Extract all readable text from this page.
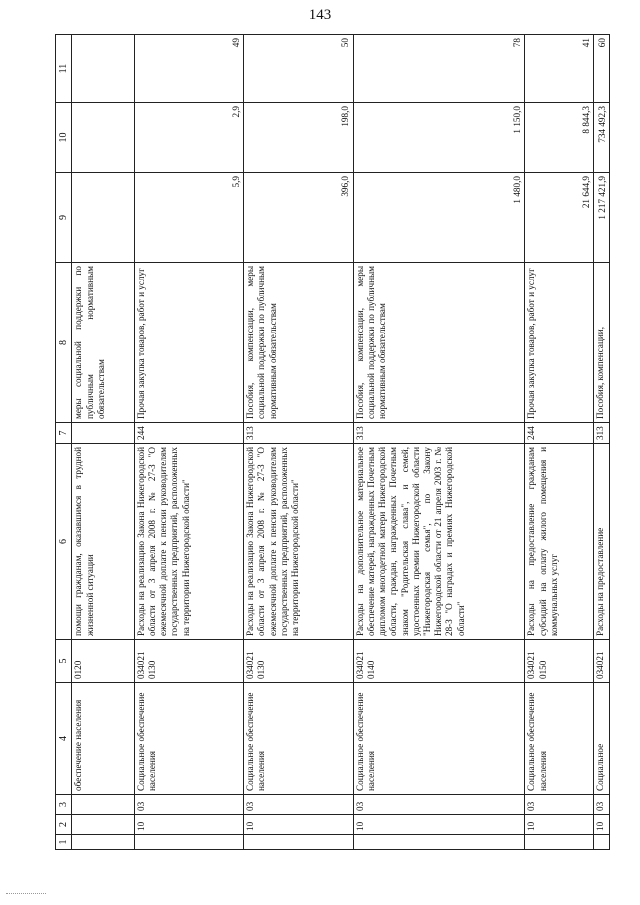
143
1	2	3	4	5	6	7	8	9	10	11
			обеспечение населения	0120	помощи гражданам, оказавшимся в трудной жизненной ситуации		меры социальной поддержки по публичным нормативным обязательствам			
	10	03	Социальное обеспечение населения	034021 0130	Расходы на реализацию Закона Нижегородской области от 3 апреля 2008 г. № 27-З "О ежемесячной доплате к пенсии руководителям государственных предприятий, расположенных на территории Нижегородской области"	244	Прочая закупка товаров, работ и услуг	5,9	2,9	49
	10	03	Социальное обеспечение населения	034021 0130	Расходы на реализацию Закона Нижегородской области от 3 апреля 2008 г. № 27-З "О ежемесячной доплате к пенсии руководителям государственных предприятий, расположенных на территории Нижегородской области"	313	Пособия, компенсации, меры социальной поддержки по публичным нормативным обязательствам	396,0	198,0	50
	10	03	Социальное обеспечение населения	034021 0140	Расходы на дополнительное материальное обеспечение матерей, награжденных Почетным дипломом многодетной матери Нижегородской области, граждан, награжденных Почетным знаком "Родительская слава", и семей, удостоенных премии Нижегородской области "Нижегородская семья", по Закону Нижегородской области от 21 апреля 2003 г. № 28-З "О наградах и премиях Нижегородской области"	313	Пособия, компенсации, меры социальной поддержки по публичным нормативным обязательствам	1 480,0	1 150,0	78
	10	03	Социальное обеспечение населения	034021 0150	Расходы на предоставление гражданам субсидий на оплату жилого помещения и коммунальных услуг	244	Прочая закупка товаров, работ и услуг	21 644,9	8 844,3	41
	10	03	Социальное	034021	Расходы на предоставление	313	Пособия, компенсации,	1 217 421,9	734 492,3	60
